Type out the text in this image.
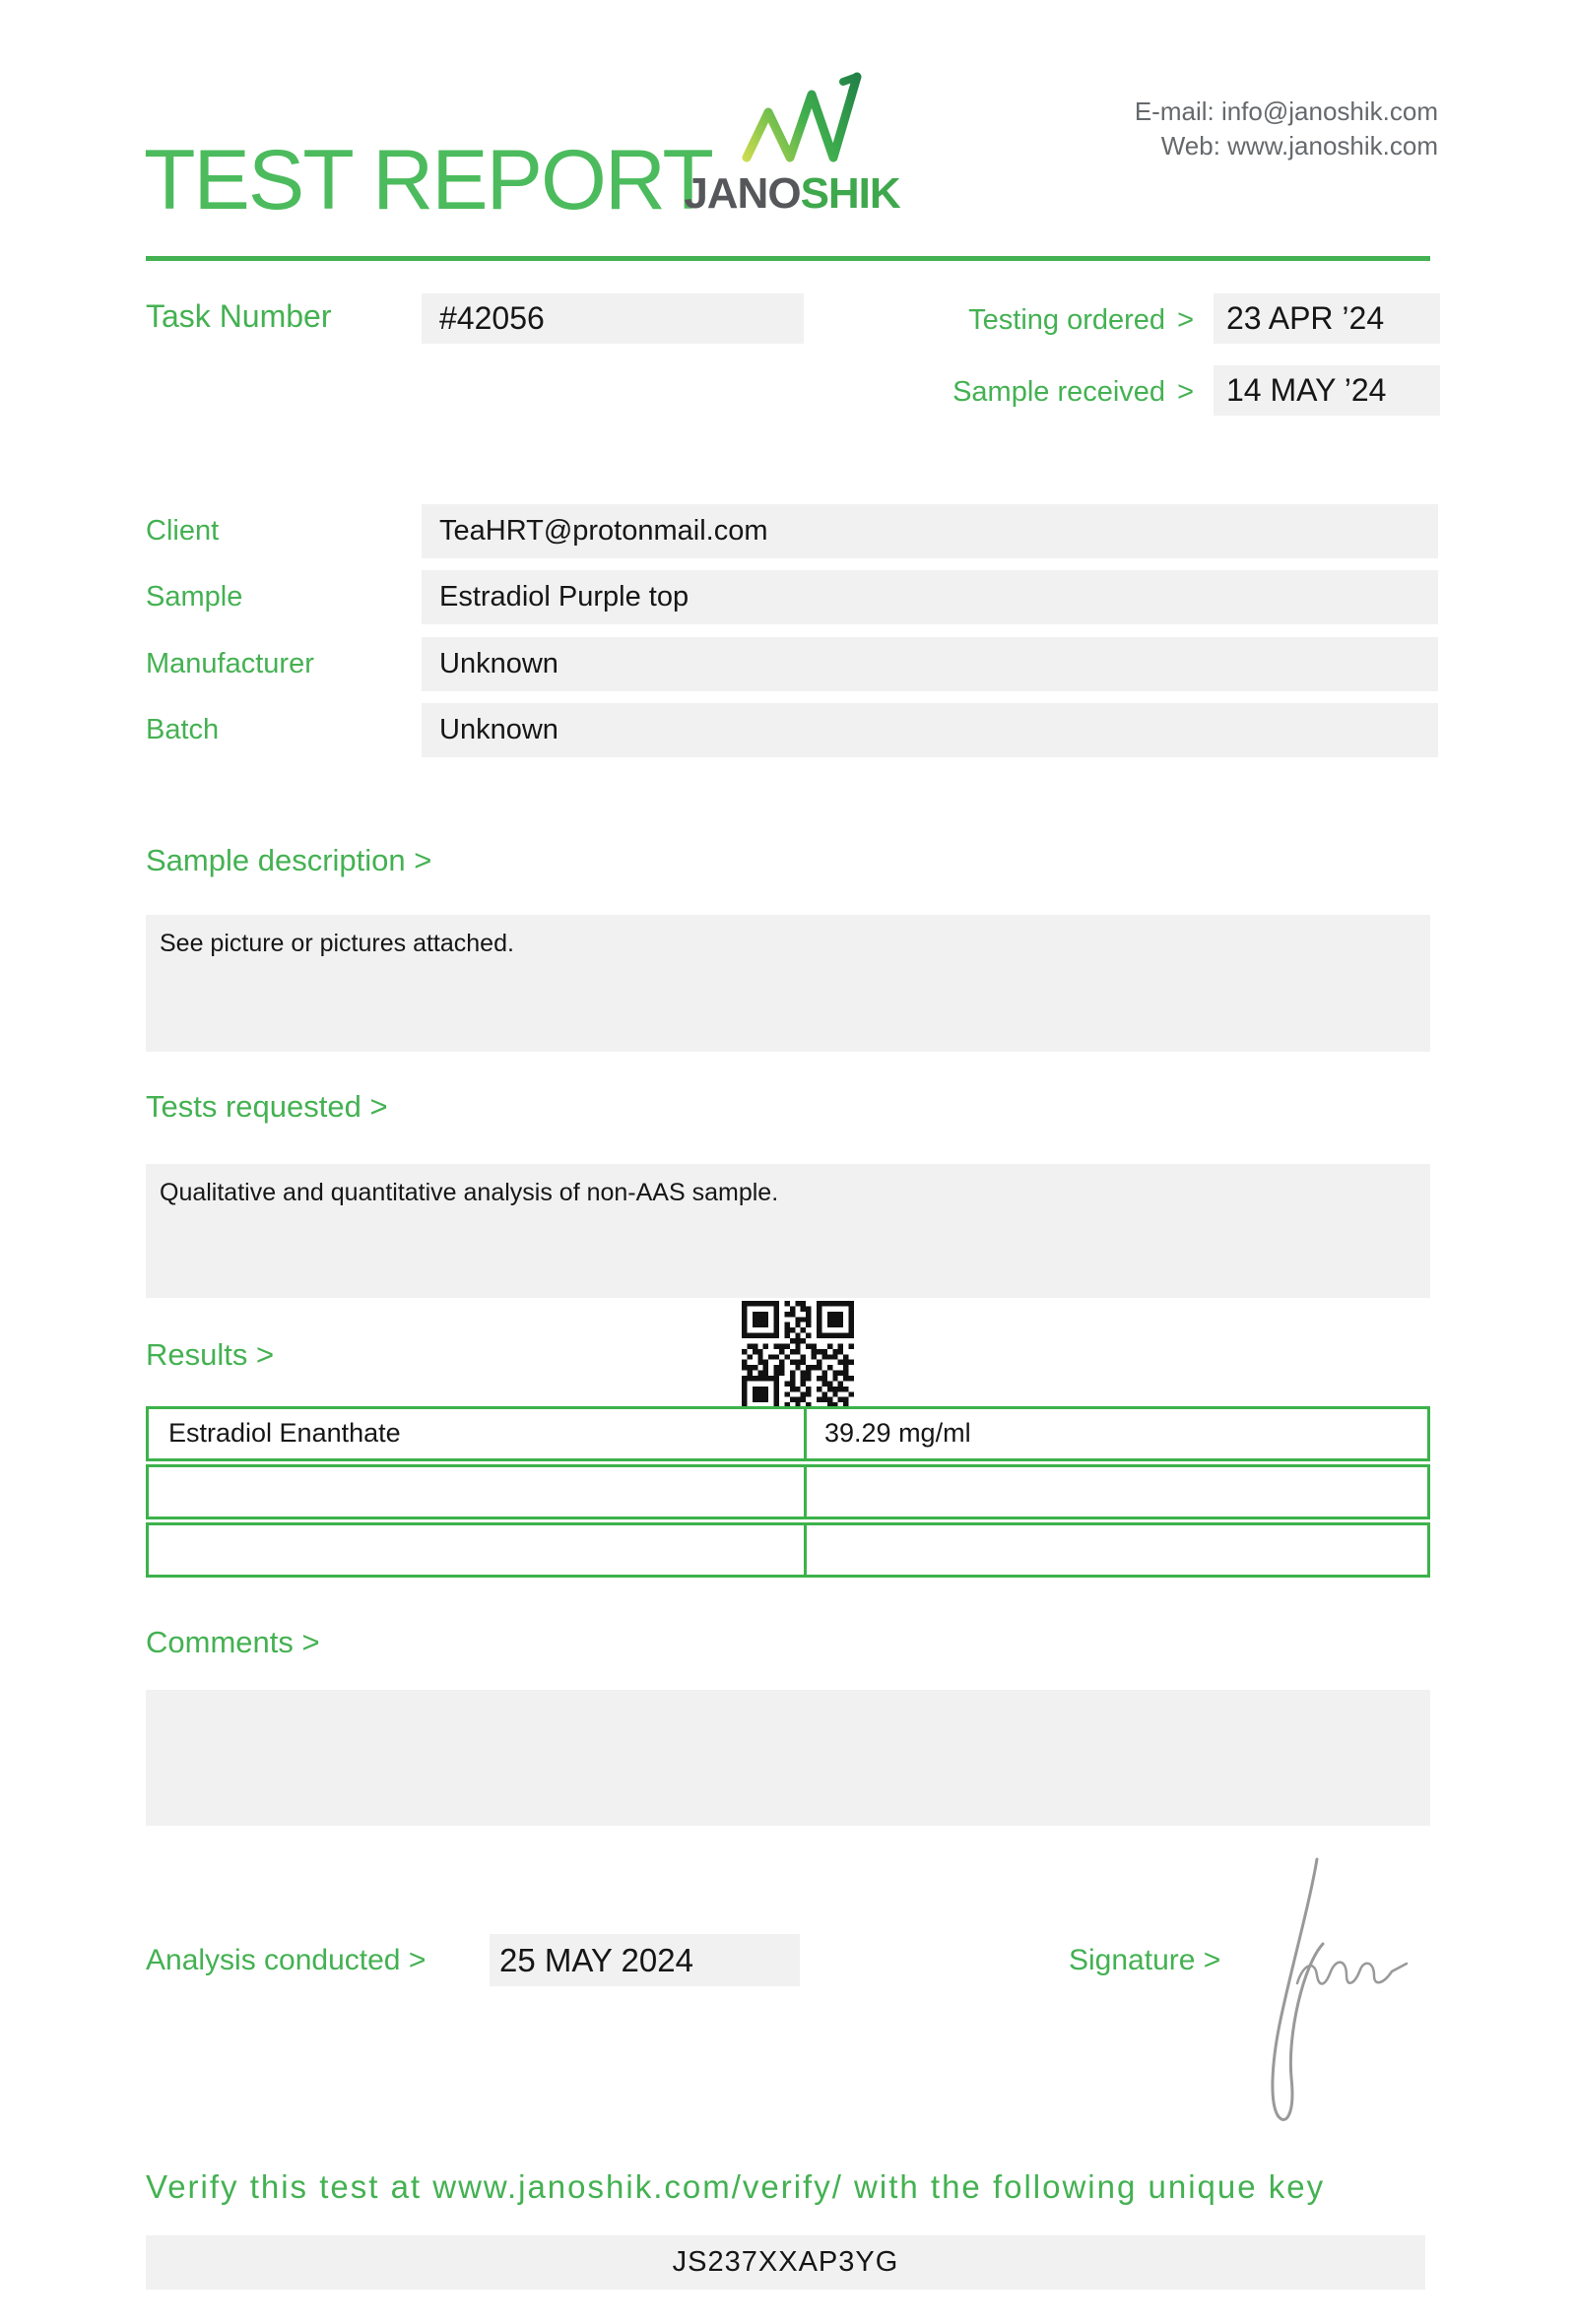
TEST REPORT
JANOSHIK
E-mail: info@janoshik.com
Web: www.janoshik.com
Task Number	#42056	Testing ordered >	23 APR ’24
Sample received >	14 MAY ’24
Client	TeaHRT@protonmail.com
Sample	Estradiol Purple top
Manufacturer	Unknown
Batch	Unknown
Sample description >
See picture or pictures attached.
Tests requested >
Qualitative and quantitative analysis of non-AAS sample.
Results >
Estradiol Enanthate	39.29 mg/ml
Comments >
Analysis conducted >	25 MAY 2024	Signature >
Verify this test at www.janoshik.com/verify/ with the following unique key
JS237XXAP3YG
